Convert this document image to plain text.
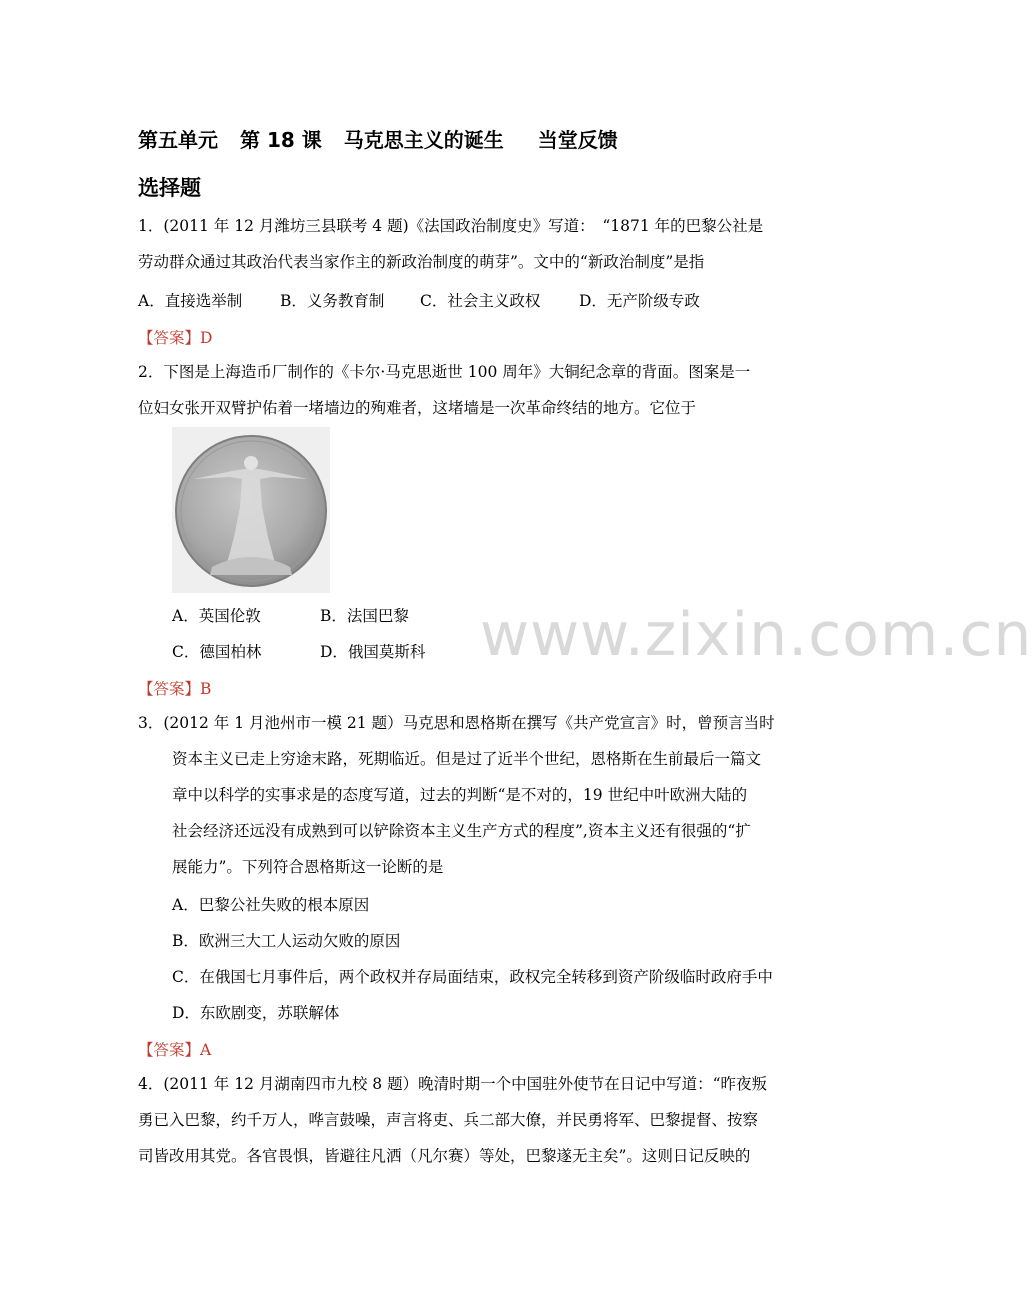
第五单元 第 18 课 马克思主义的诞生 当堂反馈
选择题
1．(2011 年 12 月潍坊三县联考 4 题)《法国政治制度史》写道：　“1871 年的巴黎公社是
劳动群众通过其政治代表当家作主的新政治制度的萌芽”。文中的“新政治制度”是指
A．直接选举制 B．义务教育制 C．社会主义政权 D．无产阶级专政
【答案】D
2．下图是上海造币厂制作的《卡尔·马克思逝世 100 周年》大铜纪念章的背面。图案是一
位妇女张开双臂护佑着一堵墙边的殉难者，这堵墙是一次革命终结的地方。它位于
A．英国伦敦	B．法国巴黎
C．德国柏林	D．俄国莫斯科 www.zixin.com.cn
【答案】B
3．(2012 年 1 月池州市一模 21 题）马克思和恩格斯在撰写《共产党宣言》时，曾预言当时
资本主义已走上穷途末路，死期临近。但是过了近半个世纪，恩格斯在生前最后一篇文
章中以科学的实事求是的态度写道，过去的判断“是不对的，19 世纪中叶欧洲大陆的
社会经济还远没有成熟到可以铲除资本主义生产方式的程度”,资本主义还有很强的“扩
展能力”。下列符合恩格斯这一论断的是
A．巴黎公社失败的根本原因
B．欧洲三大工人运动欠败的原因
C．在俄国七月事件后，两个政权并存局面结束，政权完全转移到资产阶级临时政府手中
D．东欧剧变，苏联解体
【答案】A
4．(2011 年 12 月湖南四市九校 8 题）晚清时期一个中国驻外使节在日记中写道：“昨夜叛
勇已入巴黎，约千万人，哗言鼓噪，声言将吏、兵二部大僚，并民勇将军、巴黎提督、按察
司皆改用其党。各官畏惧，皆避往凡洒（凡尔赛）等处，巴黎遂无主矣”。这则日记反映的
